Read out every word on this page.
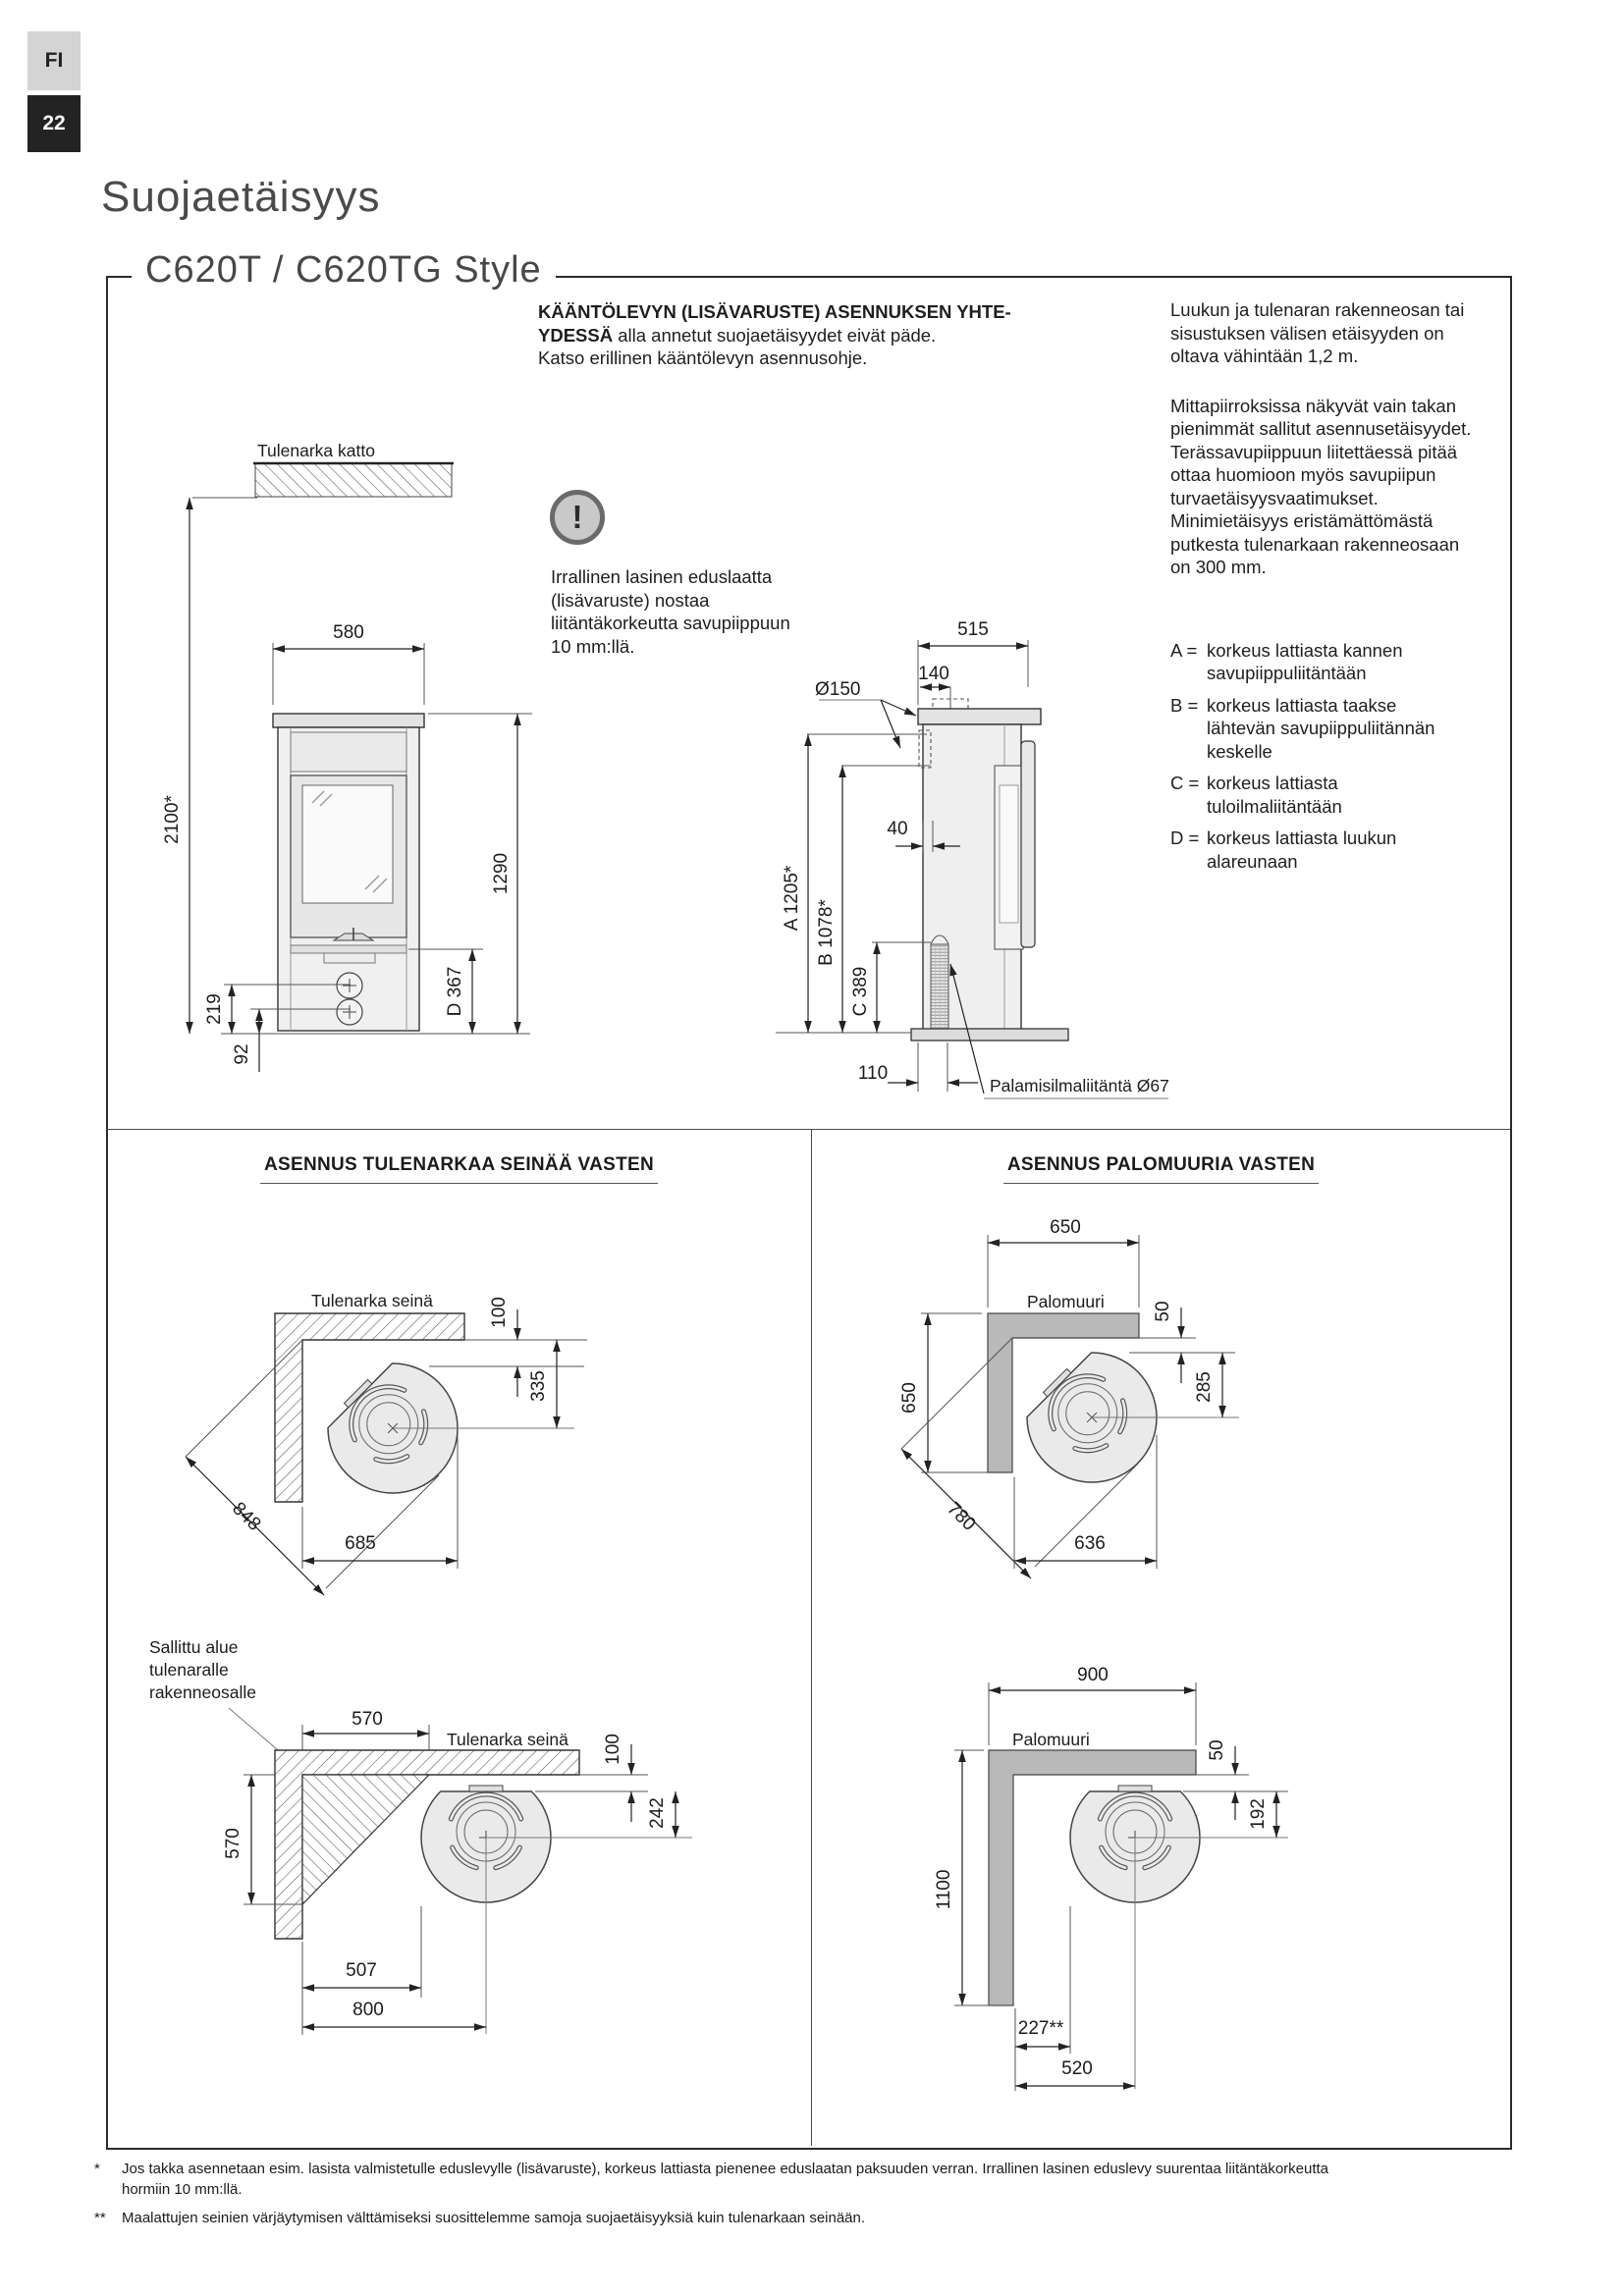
FI
22
Suojaetäisyys
C620T / C620TG Style
KÄÄNTÖLEVYN (LISÄVARUSTE) ASENNUKSEN YHTE-
YDESSÄ alla annetut suojaetäisyydet eivät päde.
Katso erillinen kääntölevyn asennusohje.
!
Irrallinen lasinen eduslaatta (lisävaruste) nostaa liitäntäkorkeutta savupiippuun 10 mm:llä.

Luukun ja tulenaran rakenneosan tai sisustuksen välisen etäisyyden on oltava vähintään 1,2 m.

Mittapiirroksissa näkyvät vain takan pienimmät sallitut asennusetäisyydet. Terässavupiippuun liitettäessä pitää ottaa huomioon myös savupiipun turvaetäisyysvaatimukset. Minimietäisyys eristämättömästä putkesta tulenarkaan rakenneosaan on 300 mm.

A = korkeus lattiasta kannen savupiippuliitäntään
B = korkeus lattiasta taakse lähtevän savupiippuliitännän keskelle
C = korkeus lattiasta tuloilmaliitäntään
D = korkeus lattiasta luukun alareunaan
Tulenarka katto
2100*
580
1290
D 367
219
92
515
140
Ø150
A 1205*
B 1078*
C 389
40
110
Palamisilmaliitäntä Ø67
ASENNUS TULENARKAA SEINÄÄ VASTEN	ASENNUS PALOMUURIA VASTEN
Tulenarka seinä	100
335
848
685
Sallittu alue
tulenaralle
rakenneosalle
570
Tulenarka seinä
570
100
242
507
800
650
Palomuuri
650
50
285
780
636
900
Palomuuri
50
192
1100
227**
520
*	Jos takka asennetaan esim. lasista valmistetulle eduslevylle (lisävaruste), korkeus lattiasta pienenee eduslaatan paksuuden verran. Irrallinen lasinen eduslevy suurentaa liitäntäkorkeutta
hormiin 10 mm:llä.
**	Maalattujen seinien värjäytymisen välttämiseksi suosittelemme samoja suojaetäisyyksiä kuin tulenarkaan seinään.
